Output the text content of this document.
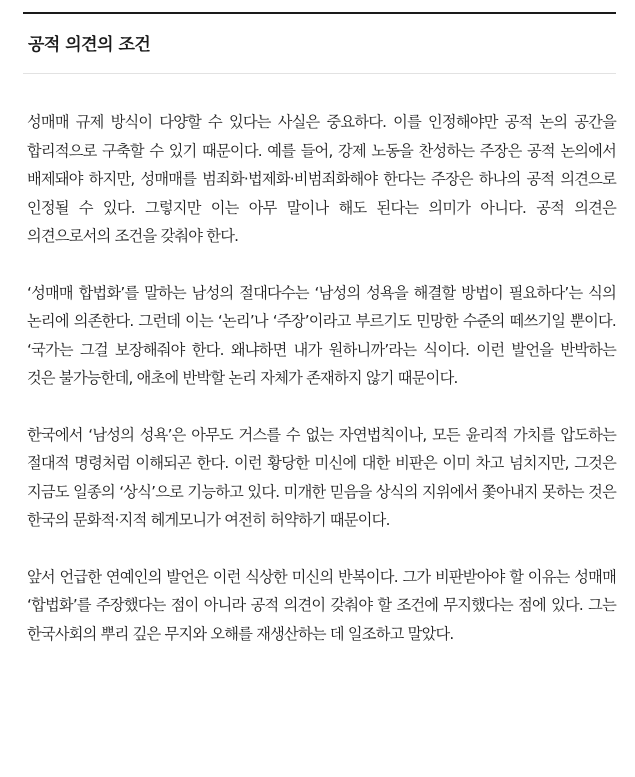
공적 의견의 조건

성매매 규제 방식이 다양할 수 있다는 사실은 중요하다. 이를 인정해야만 공적 논의 공간을 합리적으로 구축할 수 있기 때문이다. 예를 들어, 강제 노동을 찬성하는 주장은 공적 논의에서 배제돼야 하지만, 성매매를 범죄화·법제화·비범죄화해야 한다는 주장은 하나의 공적 의견으로 인정될 수 있다. 그렇지만 이는 아무 말이나 해도 된다는 의미가 아니다. 공적 의견은 의견으로서의 조건을 갖춰야 한다.

‘성매매 합법화’를 말하는 남성의 절대다수는 ‘남성의 성욕을 해결할 방법이 필요하다’는 식의 논리에 의존한다. 그런데 이는 ‘논리’나 ‘주장’이라고 부르기도 민망한 수준의 떼쓰기일 뿐이다. ‘국가는 그걸 보장해줘야 한다. 왜냐하면 내가 원하니까’라는 식이다. 이런 발언을 반박하는 것은 불가능한데, 애초에 반박할 논리 자체가 존재하지 않기 때문이다.

한국에서 ‘남성의 성욕’은 아무도 거스를 수 없는 자연법칙이나, 모든 윤리적 가치를 압도하는 절대적 명령처럼 이해되곤 한다. 이런 황당한 미신에 대한 비판은 이미 차고 넘치지만, 그것은 지금도 일종의 ‘상식’으로 기능하고 있다. 미개한 믿음을 상식의 지위에서 쫓아내지 못하는 것은 한국의 문화적·지적 헤게모니가 여전히 허약하기 때문이다.

앞서 언급한 연예인의 발언은 이런 식상한 미신의 반복이다. 그가 비판받아야 할 이유는 성매매 ‘합법화’를 주장했다는 점이 아니라 공적 의견이 갖춰야 할 조건에 무지했다는 점에 있다. 그는 한국사회의 뿌리 깊은 무지와 오해를 재생산하는 데 일조하고 말았다.
